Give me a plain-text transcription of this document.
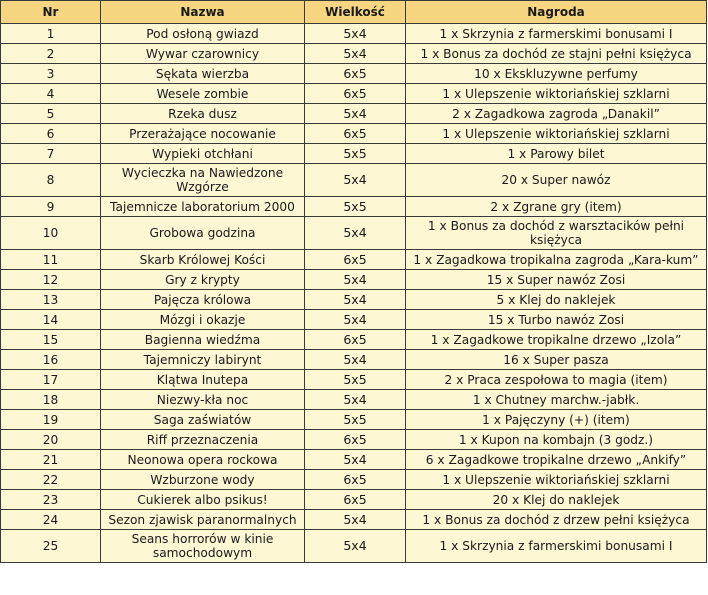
Nr	Nazwa	Wielkość	Nagroda
1	Pod osłoną gwiazd	5x4	1 x Skrzynia z farmerskimi bonusami I
2	Wywar czarownicy	5x4	1 x Bonus za dochód ze stajni pełni księżyca
3	Sękata wierzba	6x5	10 x Ekskluzywne perfumy
4	Wesele zombie	6x5	1 x Ulepszenie wiktoriańskiej szklarni
5	Rzeka dusz	5x4	2 x Zagadkowa zagroda „Danakil”
6	Przerażające nocowanie	6x5	1 x Ulepszenie wiktoriańskiej szklarni
7	Wypieki otchłani	5x5	1 x Parowy bilet
8	Wycieczka na Nawiedzone Wzgórze	5x4	20 x Super nawóz
9	Tajemnicze laboratorium 2000	5x5	2 x Zgrane gry (item)
10	Grobowa godzina	5x4	1 x Bonus za dochód z warsztacików pełni księżyca
11	Skarb Królowej Kości	6x5	1 x Zagadkowa tropikalna zagroda „Kara-kum”
12	Gry z krypty	5x4	15 x Super nawóz Zosi
13	Pajęcza królowa	5x4	5 x Klej do naklejek
14	Mózgi i okazje	5x4	15 x Turbo nawóz Zosi
15	Bagienna wiedźma	6x5	1 x Zagadkowe tropikalne drzewo „Izola”
16	Tajemniczy labirynt	5x4	16 x Super pasza
17	Klątwa Inutepa	5x5	2 x Praca zespołowa to magia (item)
18	Niezwy-kła noc	5x4	1 x Chutney marchw.-jabłk.
19	Saga zaświatów	5x5	1 x Pajęczyny (+) (item)
20	Riff przeznaczenia	6x5	1 x Kupon na kombajn (3 godz.)
21	Neonowa opera rockowa	5x4	6 x Zagadkowe tropikalne drzewo „Ankify”
22	Wzburzone wody	6x5	1 x Ulepszenie wiktoriańskiej szklarni
23	Cukierek albo psikus!	6x5	20 x Klej do naklejek
24	Sezon zjawisk paranormalnych	5x4	1 x Bonus za dochód z drzew pełni księżyca
25	Seans horrorów w kinie samochodowym	5x4	1 x Skrzynia z farmerskimi bonusami I
